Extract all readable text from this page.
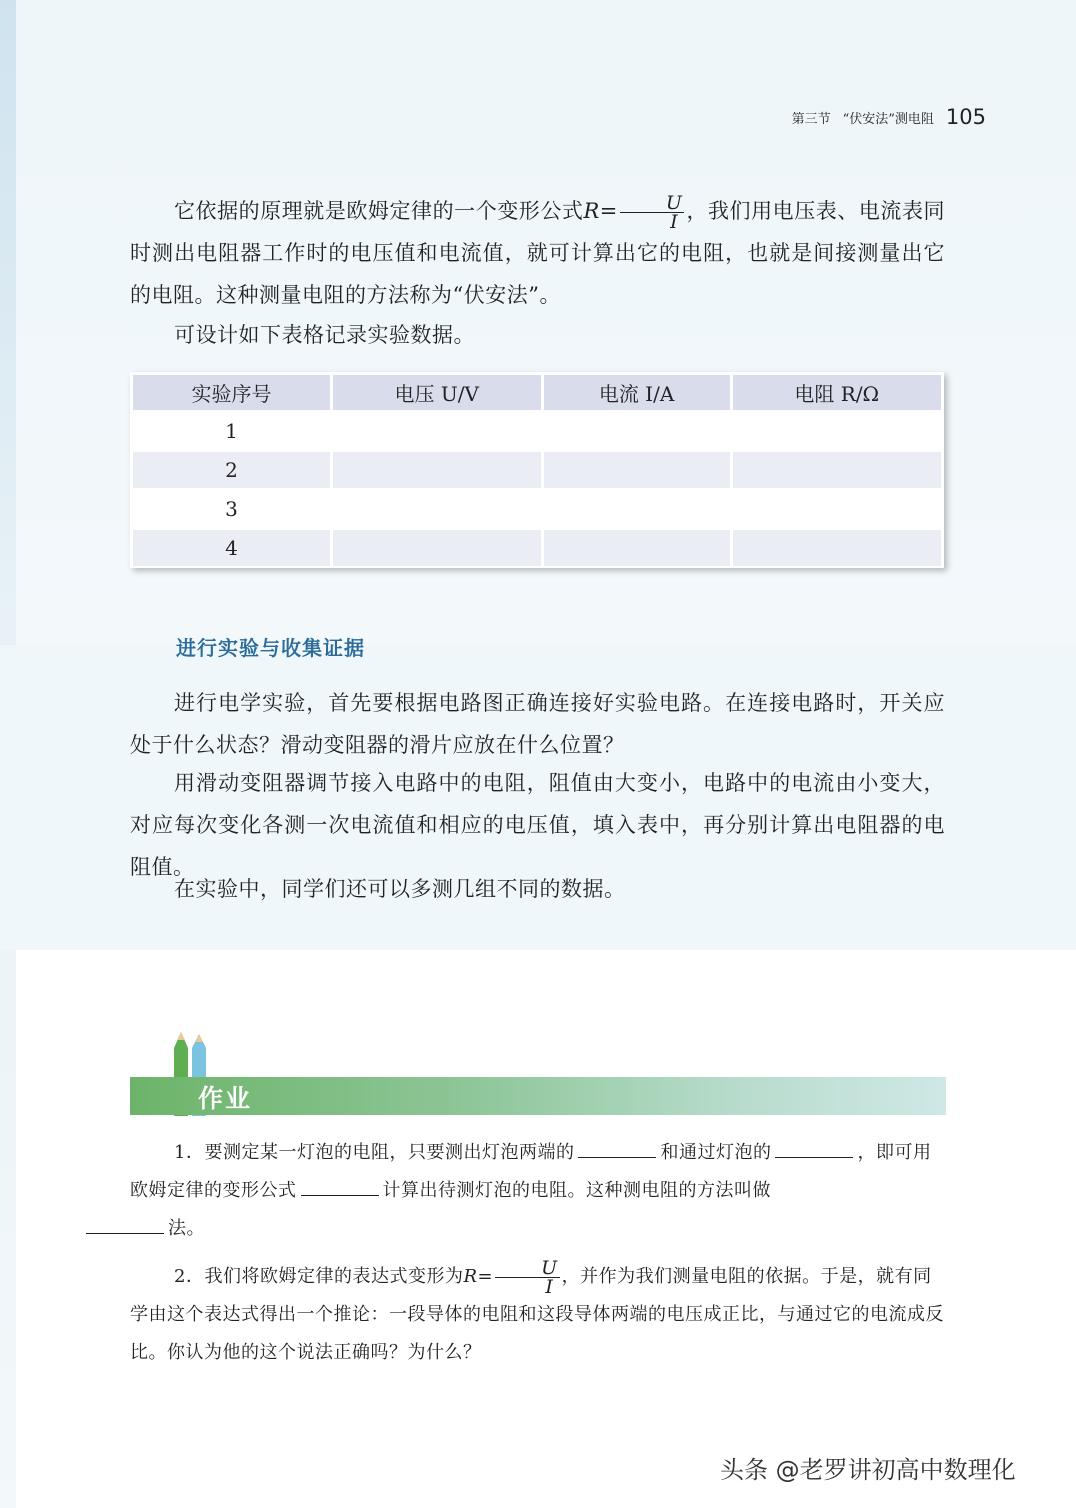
第三节 “伏安法”测电阻 105
它依据的原理就是欧姆定律的一个变形公式$R= \frac{U}{I}$ ，我们用电压表、电流表同时测出电阻器工作时的电压值和电流值，就可计算出它的电阻，也就是间接测量出它的电阻。这种测量电阻的方法称为“伏安法”。
可设计如下表格记录实验数据。
实验序号	电压 U/V	电流 I/A	电阻 R/Ω
1			
2			
3			
4			
进行实验与收集证据
进行电学实验，首先要根据电路图正确连接好实验电路。在连接电路时，开关应处于什么状态？滑动变阻器的滑片应放在什么位置？
用滑动变阻器调节接入电路中的电阻，阻值由大变小，电路中的电流由小变大，对应每次变化各测一次电流值和相应的电压值，填入表中，再分别计算出电阻器的电阻值。
在实验中，同学们还可以多测几组不同的数据。
作业
1．要测定某一灯泡的电阻，只要测出灯泡两端的	和通过灯泡的	，即可用欧姆定律的变形公式	计算出待测灯泡的电阻。这种测电阻的方法叫做
法。
2．我们将欧姆定律的表达式变形为$R= \frac{U}{I}$ ，并作为我们测量电阻的依据。于是，就有同学由这个表达式得出一个推论：一段导体的电阻和这段导体两端的电压成正比，与通过它的电流成反比。你认为他的这个说法正确吗？为什么？
头条 @老罗讲初高中数理化
